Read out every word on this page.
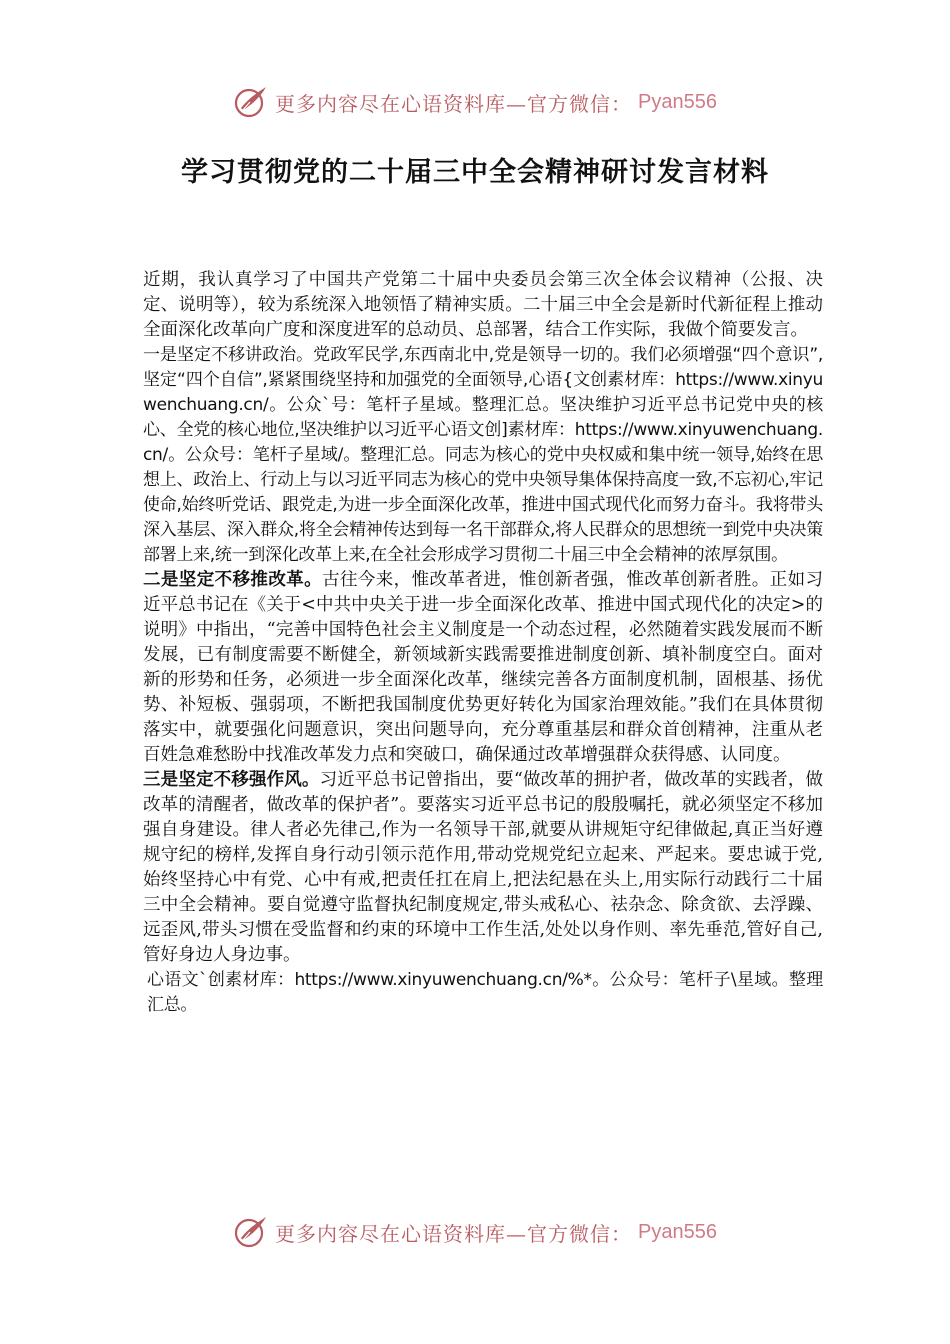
更多内容尽在心语资料库—官方微信： Pyan556
学习贯彻党的二十届三中全会精神研讨发言材料

近期，我认真学习了中国共产党第二十届中央委员会第三次全体会议精神（公报、决定、说明等），较为系统深入地领悟了精神实质。二十届三中全会是新时代新征程上推动全面深化改革向广度和深度进军的总动员、总部署，结合工作实际，我做个简要发言。

一是坚定不移讲政治。党政军民学,东西南北中,党是领导一切的。我们必须增强“四个意识”,坚定“四个自信”,紧紧围绕坚持和加强党的全面领导,心语{文创素材库：https://www.xinyuwenchuang.cn/。公众`号：笔杆子星域。整理汇总。坚决维护习近平总书记党中央的核心、全党的核心地位,坚决维护以习近平心语文创]素材库：https://www.xinyuwenchuang.cn/。公众号：笔杆子星域/。整理汇总。同志为核心的党中央权威和集中统一领导,始终在思想上、政治上、行动上与以习近平同志为核心的党中央领导集体保持高度一致,不忘初心,牢记使命,始终听党话、跟党走,为进一步全面深化改革，推进中国式现代化而努力奋斗。我将带头深入基层、深入群众,将全会精神传达到每一名干部群众,将人民群众的思想统一到党中央决策部署上来,统一到深化改革上来,在全社会形成学习贯彻二十届三中全会精神的浓厚氛围。

二是坚定不移推改革。古往今来，惟改革者进，惟创新者强，惟改革创新者胜。正如习近平总书记在《关于<中共中央关于进一步全面深化改革、推进中国式现代化的决定>的说明》中指出，“完善中国特色社会主义制度是一个动态过程，必然随着实践发展而不断发展，已有制度需要不断健全，新领域新实践需要推进制度创新、填补制度空白。面对新的形势和任务，必须进一步全面深化改革，继续完善各方面制度机制，固根基、扬优势、补短板、强弱项，不断把我国制度优势更好转化为国家治理效能。”我们在具体贯彻落实中，就要强化问题意识，突出问题导向，充分尊重基层和群众首创精神，注重从老百姓急难愁盼中找准改革发力点和突破口，确保通过改革增强群众获得感、认同度。

三是坚定不移强作风。习近平总书记曾指出，要“做改革的拥护者，做改革的实践者，做改革的清醒者，做改革的保护者”。要落实习近平总书记的殷殷嘱托，就必须坚定不移加强自身建设。律人者必先律己,作为一名领导干部,就要从讲规矩守纪律做起,真正当好遵规守纪的榜样,发挥自身行动引领示范作用,带动党规党纪立起来、严起来。要忠诚于党,始终坚持心中有党、心中有戒,把责任扛在肩上,把法纪悬在头上,用实际行动践行二十届三中全会精神。要自觉遵守监督执纪制度规定,带头戒私心、祛杂念、除贪欲、去浮躁、远歪风,带头习惯在受监督和约束的环境中工作生活,处处以身作则、率先垂范,管好自己,管好身边人身边事。

心语文`创素材库：https://www.xinyuwenchuang.cn/%*。公众号：笔杆子\星域。整理汇总。

更多内容尽在心语资料库—官方微信： Pyan556
